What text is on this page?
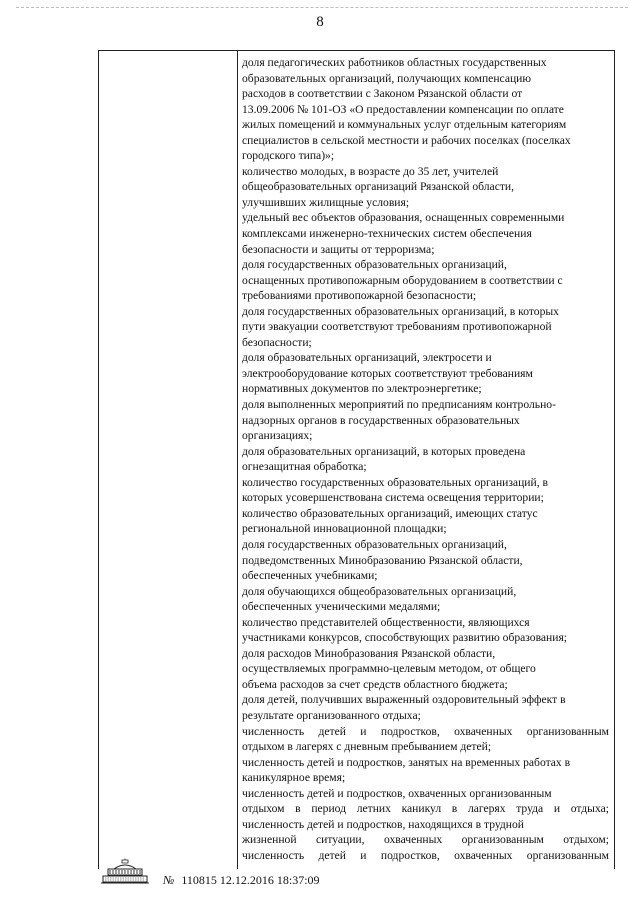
8

доля педагогических работников областных государственных

образовательных организаций, получающих компенсацию

расходов в соответствии с Законом Рязанской области от

13.09.2006 № 101-ОЗ «О предоставлении компенсации по оплате

жилых помещений и коммунальных услуг отдельным категориям

специалистов в сельской местности и рабочих поселках (поселках

городского типа)»;

количество молодых, в возрасте до 35 лет, учителей

общеобразовательных организаций Рязанской области,

улучшивших жилищные условия;

удельный вес объектов образования, оснащенных современными

комплексами инженерно-технических систем обеспечения

безопасности и защиты от терроризма;

доля государственных образовательных организаций,

оснащенных противопожарным оборудованием в соответствии с

требованиями противопожарной безопасности;

доля государственных образовательных организаций, в которых

пути эвакуации соответствуют требованиям противопожарной

безопасности;

доля образовательных организаций, электросети и

электрооборудование которых соответствуют требованиям

нормативных документов по электроэнергетике;

доля выполненных мероприятий по предписаниям контрольно-

надзорных органов в государственных образовательных

организациях;

доля образовательных организаций, в которых проведена

огнезащитная обработка;

количество государственных образовательных организаций, в

которых усовершенствована система освещения территории;

количество образовательных организаций, имеющих статус

региональной инновационной площадки;

доля государственных образовательных организаций,

подведомственных Минобразованию Рязанской области,

обеспеченных учебниками;

доля обучающихся общеобразовательных организаций,

обеспеченных ученическими медалями;

количество представителей общественности, являющихся

участниками конкурсов, способствующих развитию образования;

доля расходов Минобразования Рязанской области,

осуществляемых программно-целевым методом, от общего

объема расходов за счет средств областного бюджета;

доля детей, получивших выраженный оздоровительный эффект в

результате организованного отдыха;

численность детей и подростков, охваченных организованным

отдыхом в лагерях с дневным пребыванием детей;

численность детей и подростков, занятых на временных работах в

каникулярное время;

численность детей и подростков, охваченных организованным

отдыхом в период летних каникул в лагерях труда и отдыха;

численность детей и подростков, находящихся в трудной

жизненной ситуации, охваченных организованным отдыхом;

численность детей и подростков, охваченных организованным

№ 110815 12.12.2016 18:37:09
